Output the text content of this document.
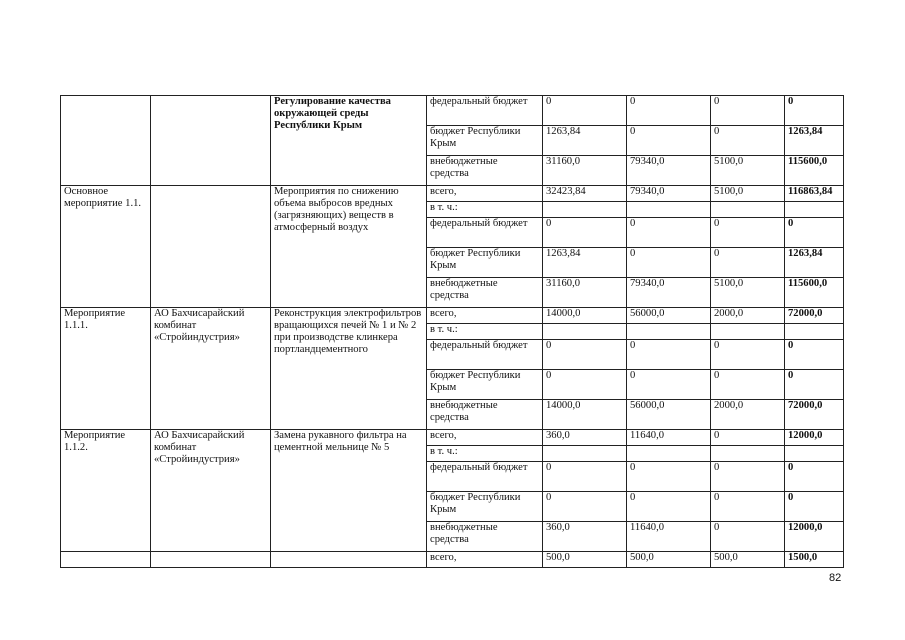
		Регулирование качества окружающей среды Республики Крым	федеральный бюджет	0	0	0	0
			бюджет Республики Крым	1263,84	0	0	1263,84
			внебюджетные средства	31160,0	79340,0	5100,0	115600,0
Основное мероприятие 1.1.		Мероприятия по снижению объема выбросов вредных (загрязняющих) веществ в атмосферный воздух	всего,	32423,84	79340,0	5100,0	116863,84
			в т. ч.:				
			федеральный бюджет	0	0	0	0
			бюджет Республики Крым	1263,84	0	0	1263,84
			внебюджетные средства	31160,0	79340,0	5100,0	115600,0
Мероприятие 1.1.1.	АО Бахчисарайский комбинат «Стройиндустрия»	Реконструкция электрофильтров вращающихся печей № 1 и № 2 при производстве клинкера портландцементного	всего,	14000,0	56000,0	2000,0	72000,0
			в т. ч.:				
			федеральный бюджет	0	0	0	0
			бюджет Республики Крым	0	0	0	0
			внебюджетные средства	14000,0	56000,0	2000,0	72000,0
Мероприятие 1.1.2.	АО Бахчисарайский комбинат «Стройиндустрия»	Замена рукавного фильтра на цементной мельнице № 5	всего,	360,0	11640,0	0	12000,0
			в т. ч.:				
			федеральный бюджет	0	0	0	0
			бюджет Республики Крым	0	0	0	0
			внебюджетные средства	360,0	11640,0	0	12000,0
			всего,	500,0	500,0	500,0	1500,0
82
